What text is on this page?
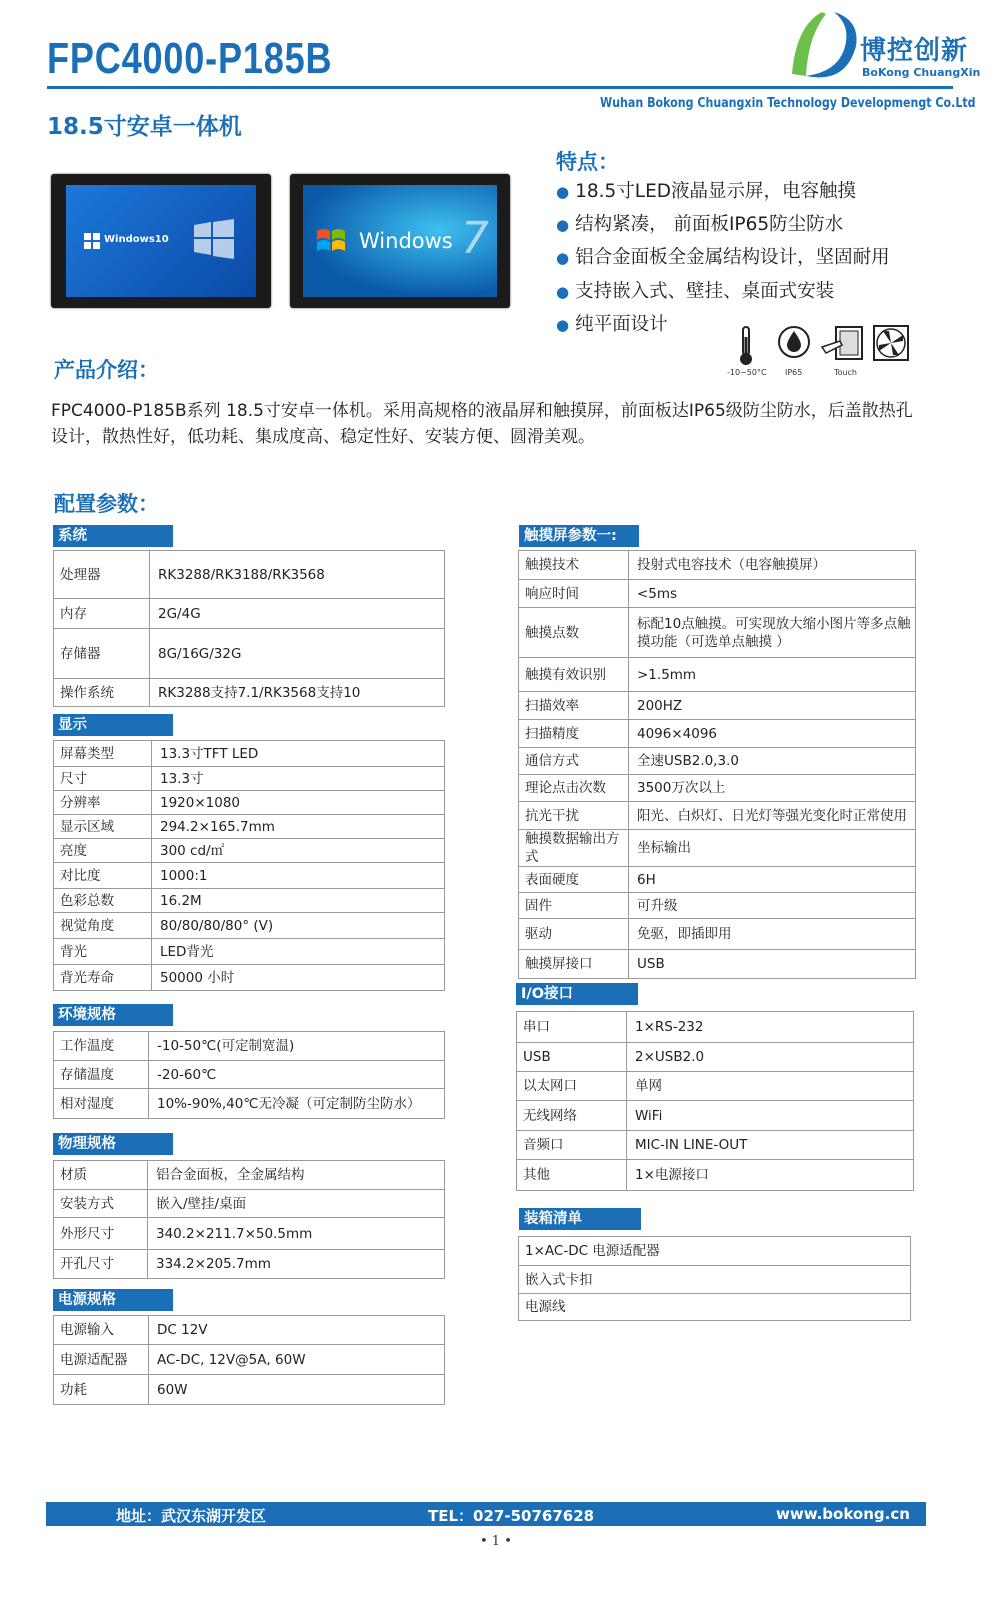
FPC4000-P185B
18.5寸安卓一体机
Wuhan Bokong Chuangxin Technology Developmengt Co.Ltd
博控创新
BoKong ChuangXin
Windows10	Windows 7
特点：
● 18.5寸LED液晶显示屏，电容触摸
● 结构紧凑， 前面板IP65防尘防水
● 铝合金面板全金属结构设计，坚固耐用
● 支持嵌入式、壁挂、桌面式安装
● 纯平面设计
-10~50°C IP65	Touch
产品介绍：
FPC4000-P185B系列 18.5寸安卓一体机。采用高规格的液晶屏和触摸屏，前面板达IP65级防尘防水，后盖散热孔设计，散热性好，低功耗、集成度高、稳定性好、安装方便、圆滑美观。
配置参数：
系统
处理器	RK3288/RK3188/RK3568
内存	2G/4G
存储器	8G/16G/32G
操作系统	RK3288支持7.1/RK3568支持10
显示
屏幕类型	13.3寸TFT LED
尺寸	13.3寸
分辨率	1920×1080
显示区域	294.2×165.7mm
亮度	300 cd/㎡
对比度	1000:1
色彩总数	16.2M
视觉角度	80/80/80/80° (V)
背光	LED背光
背光寿命	50000 小时
环境规格
工作温度	-10-50℃(可定制宽温)
存储温度	-20-60℃
相对湿度	10%-90%,40℃无冷凝（可定制防尘防水）
物理规格
材质	铝合金面板，全金属结构
安装方式	嵌入/壁挂/桌面
外形尺寸	340.2×211.7×50.5mm
开孔尺寸	334.2×205.7mm
电源规格
电源输入	DC 12V
电源适配器	AC-DC, 12V@5A, 60W
功耗	60W
触摸屏参数一:
触摸技术	投射式电容技术（电容触摸屏）
响应时间	<5ms
触摸点数	标配10点触摸。可实现放大缩小图片等多点触摸功能（可选单点触摸 ）
触摸有效识别	>1.5mm
扫描效率	200HZ
扫描精度	4096×4096
通信方式	全速USB2.0,3.0
理论点击次数	3500万次以上
抗光干扰	阳光、白炽灯、日光灯等强光变化时正常使用
触摸数据输出方式	坐标输出
表面硬度	6H
固件	可升级
驱动	免驱，即插即用
触摸屏接口	USB
I/O接口
串口	1×RS-232
USB	2×USB2.0
以太网口	单网
无线网络	WiFi
音频口	MIC-IN LINE-OUT
其他	1×电源接口
装箱清单
1×AC-DC 电源适配器
嵌入式卡扣
电源线
地址：武汉东湖开发区	TEL：027-50767628	www.bokong.cn
• 1 •
